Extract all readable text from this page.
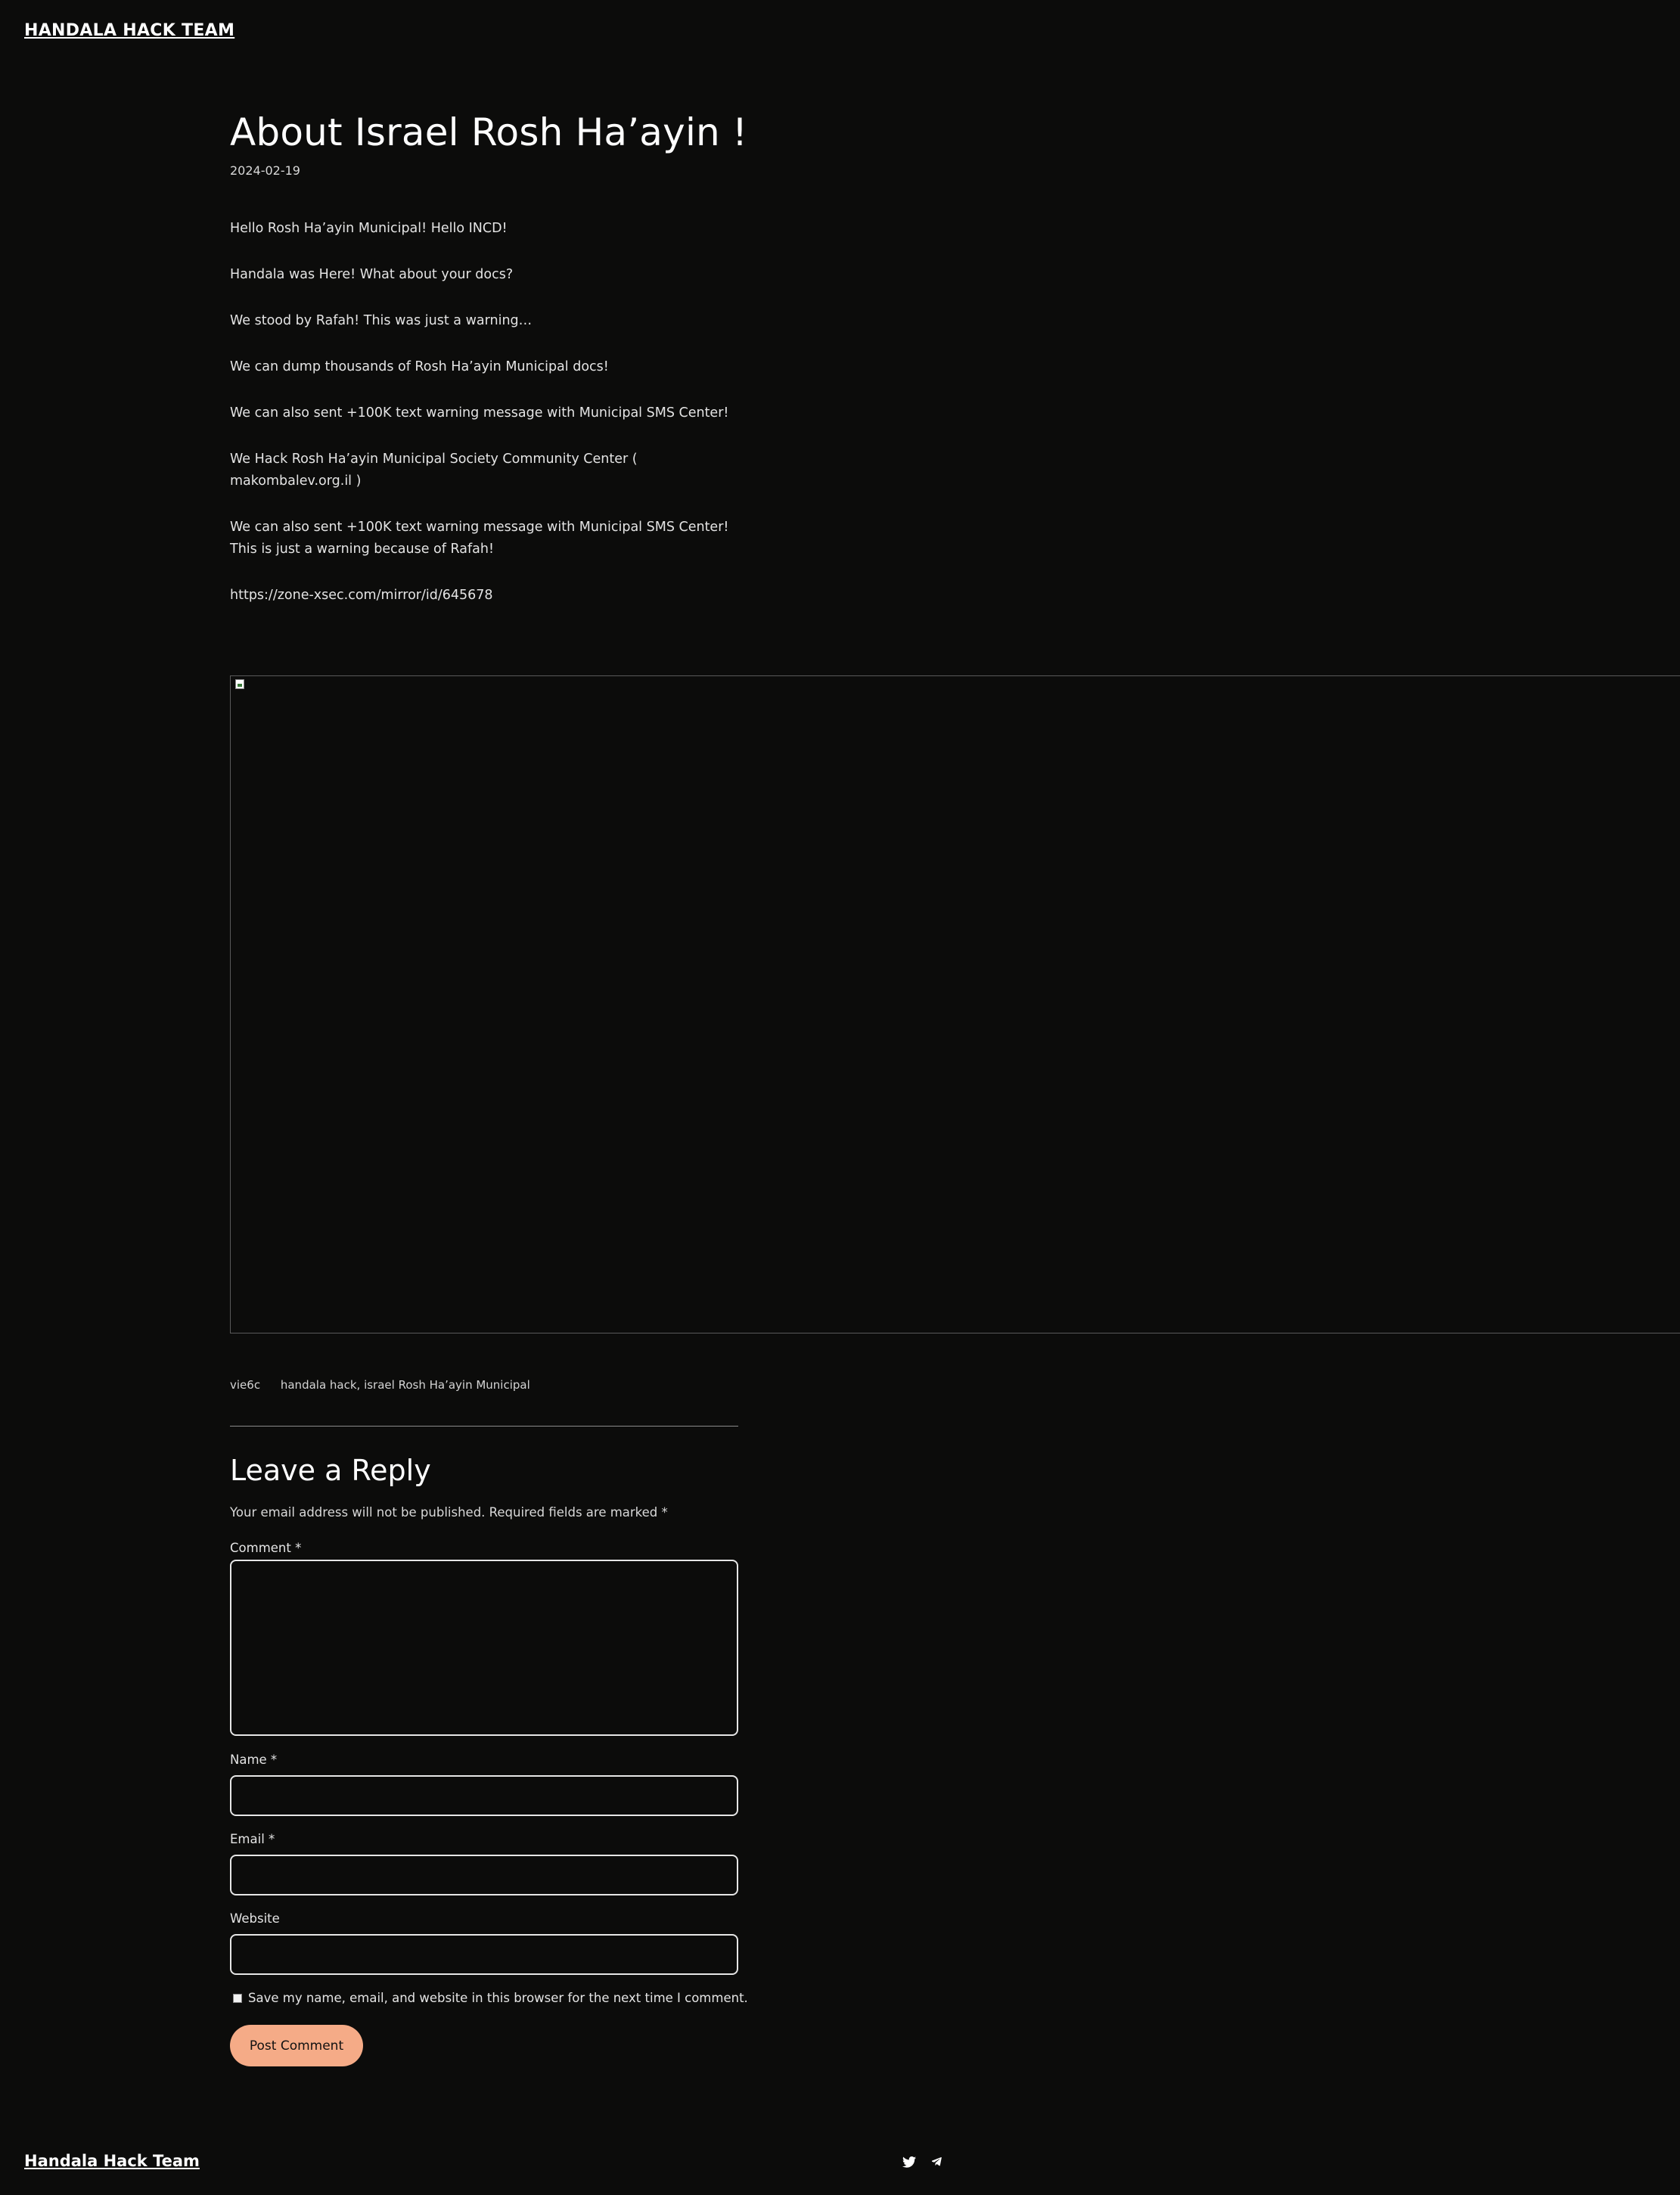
HANDALA HACK TEAM
About Israel Rosh Ha’ayin !
2024-02-19

Hello Rosh Ha’ayin Municipal! Hello INCD!

Handala was Here! What about your docs?

We stood by Rafah! This was just a warning…

We can dump thousands of Rosh Ha’ayin Municipal docs!

We can also sent +100K text warning message with Municipal SMS Center!

We Hack Rosh Ha’ayin Municipal Society Community Center ( makombalev.org.il )

We can also sent +100K text warning message with Municipal SMS Center! This is just a warning because of Rafah!

https://zone-xsec.com/mirror/id/645678

vie6c handala hack, israel Rosh Ha’ayin Municipal
Leave a Reply
Your email address will not be published. Required fields are marked *
Comment *
Name *
Email *
Website
Save my name, email, and website in this browser for the next time I comment.
Post Comment
Handala Hack Team
